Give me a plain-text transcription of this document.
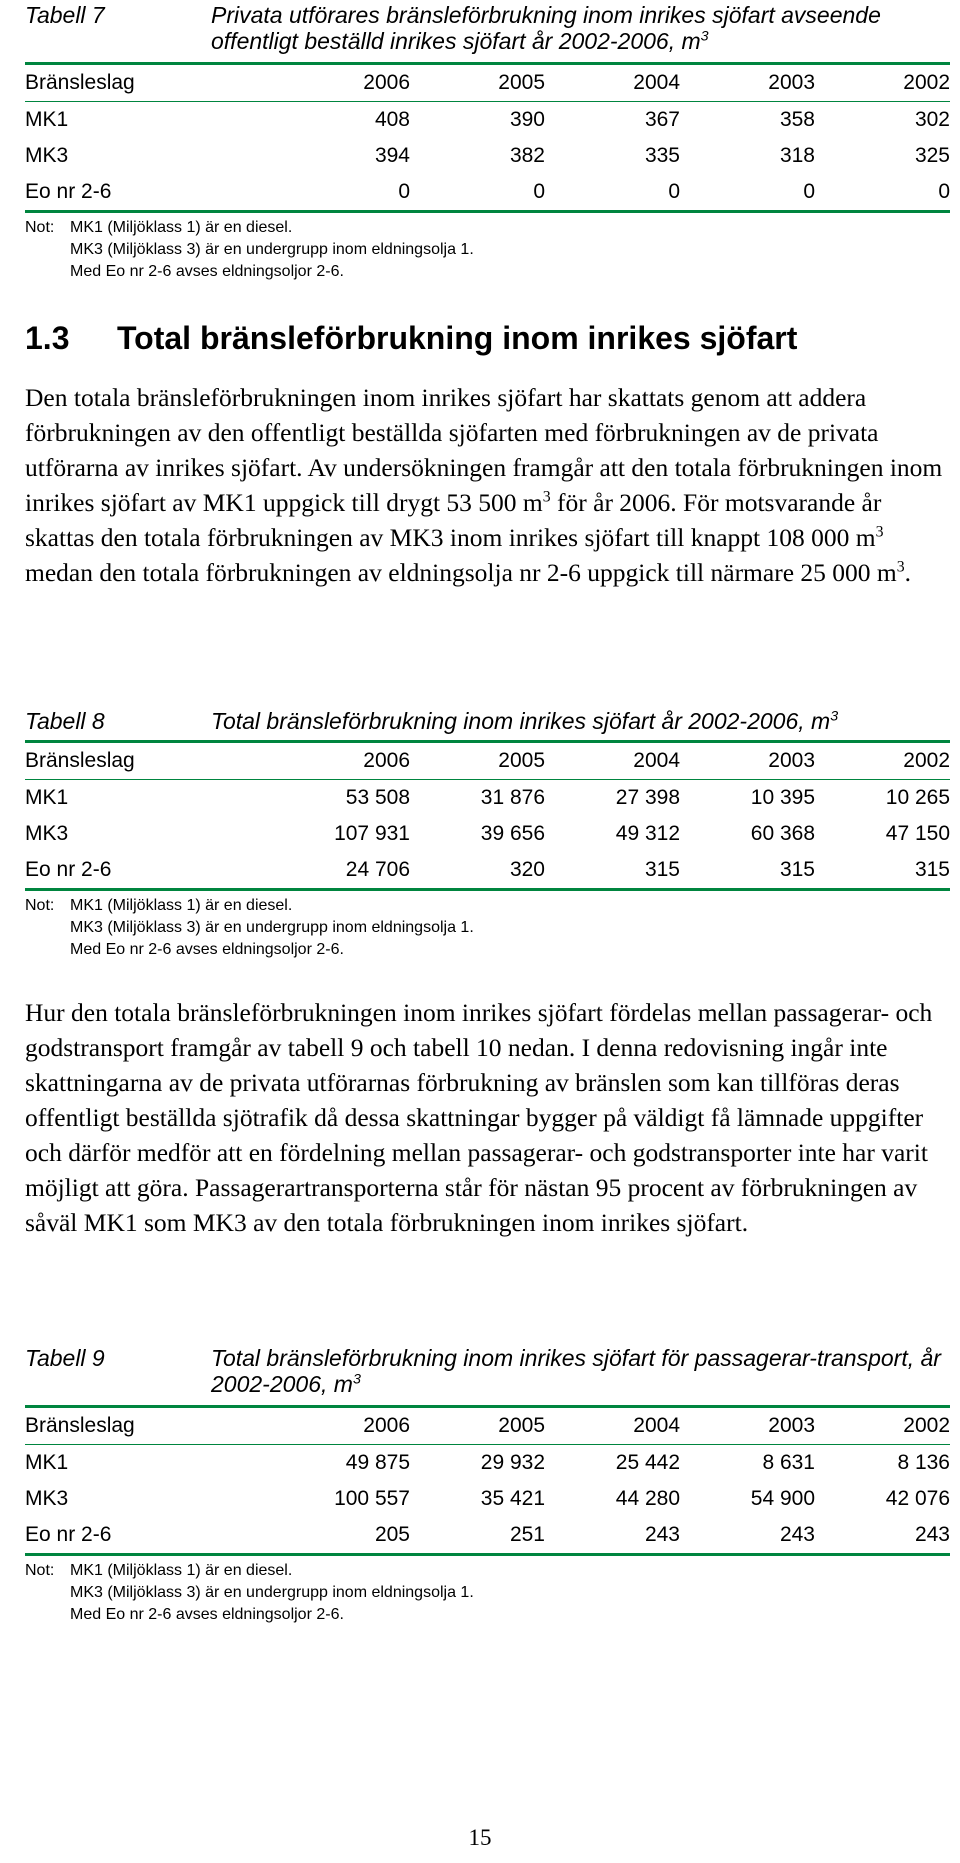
Tabell 7	Privata utförares bränsleförbrukning inom inrikes sjöfart avseende offentligt beställd inrikes sjöfart år 2002-2006, $m^3$
Bränsleslag	2006	2005	2004	2003	2002
MK1	408	390	367	358	302
MK3	394	382	335	318	325
Eo nr 2-6	0	0	0	0	0
Not: MK1 (Miljöklass 1) är en diesel.
MK3 (Miljöklass 3) är en undergrupp inom eldningsolja 1.
Med Eo nr 2-6 avses eldningsoljor 2-6.
1.3 Total bränsleförbrukning inom inrikes sjöfart
Den totala bränsleförbrukningen inom inrikes sjöfart har skattats genom att addera förbrukningen av den offentligt beställda sjöfarten med förbrukningen av de privata utförarna av inrikes sjöfart. Av undersökningen framgår att den totala förbrukningen inom inrikes sjöfart av MK1 uppgick till drygt 53 500 $m^3$ för år 2006. För motsvarande år skattas den totala förbrukningen av MK3 inom inrikes sjöfart till knappt 108 000 $m^3$ medan den totala förbrukningen av eldningsolja nr 2-6 uppgick till närmare 25 000 $m^3$.
Tabell 8	Total bränsleförbrukning inom inrikes sjöfart år 2002-2006, $m^3$
Bränsleslag	2006	2005	2004	2003	2002
MK1	53 508	31 876	27 398	10 395	10 265
MK3	107 931	39 656	49 312	60 368	47 150
Eo nr 2-6	24 706	320	315	315	315
Not: MK1 (Miljöklass 1) är en diesel.
MK3 (Miljöklass 3) är en undergrupp inom eldningsolja 1.
Med Eo nr 2-6 avses eldningsoljor 2-6.
Hur den totala bränsleförbrukningen inom inrikes sjöfart fördelas mellan passagerar- och godstransport framgår av tabell 9 och tabell 10 nedan. I denna redovisning ingår inte skattningarna av de privata utförarnas förbrukning av bränslen som kan tillföras deras offentligt beställda sjötrafik då dessa skattningar bygger på väldigt få lämnade uppgifter och därför medför att en fördelning mellan passagerar- och godstransporter inte har varit möjligt att göra. Passagerartransporterna står för nästan 95 procent av förbrukningen av såväl MK1 som MK3 av den totala förbrukningen inom inrikes sjöfart.
Tabell 9	Total bränsleförbrukning inom inrikes sjöfart för passagerar-transport, år 2002-2006, $m^3$
Bränsleslag	2006	2005	2004	2003	2002
MK1	49 875	29 932	25 442	8 631	8 136
MK3	100 557	35 421	44 280	54 900	42 076
Eo nr 2-6	205	251	243	243	243
Not: MK1 (Miljöklass 1) är en diesel.
MK3 (Miljöklass 3) är en undergrupp inom eldningsolja 1.
Med Eo nr 2-6 avses eldningsoljor 2-6.
15
